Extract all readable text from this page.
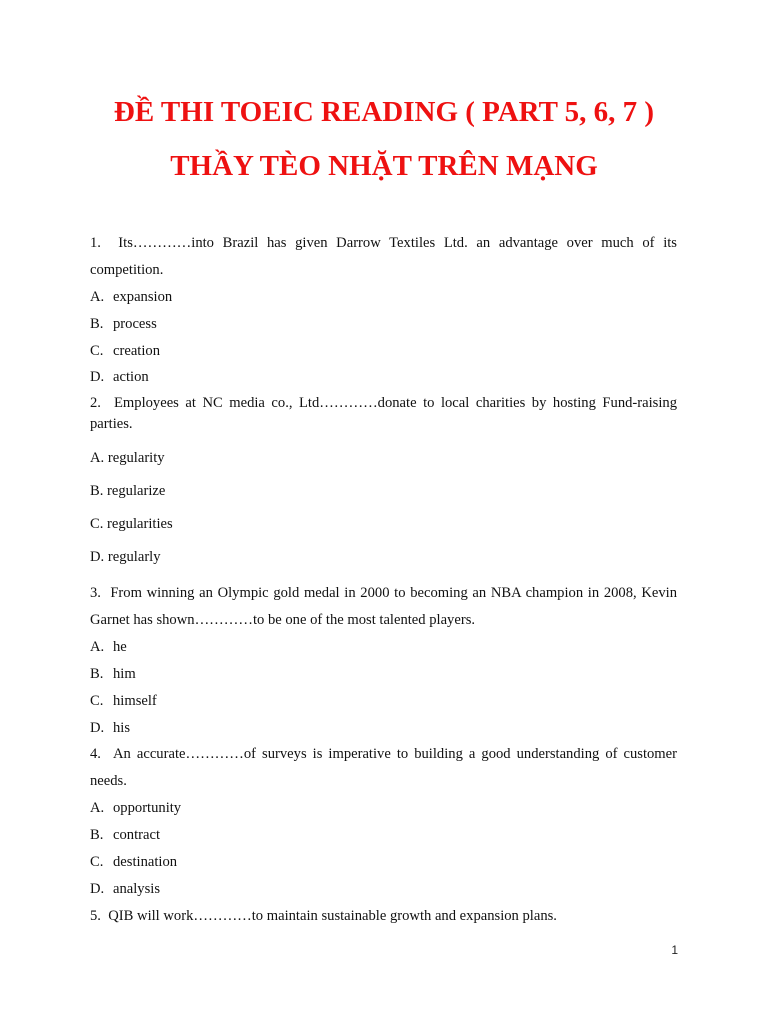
ĐỀ THI TOEIC READING ( PART 5, 6, 7 )
THẦY TÈO NHẶT TRÊN MẠNG

1. Its…………into Brazil has given Darrow Textiles Ltd. an advantage over much of its competition.

A. expansion

B. process

C. creation

D. action

2. Employees at NC media co., Ltd…………donate to local charities by hosting Fund-raising parties.

A. regularity

B. regularize

C. regularities

D. regularly

3. From winning an Olympic gold medal in 2000 to becoming an NBA champion in 2008, Kevin Garnet has shown…………to be one of the most talented players.

A. he

B. him

C. himself

D. his

4. An accurate…………of surveys is imperative to building a good understanding of customer needs.

A. opportunity

B. contract

C. destination

D. analysis

5. QIB will work…………to maintain sustainable growth and expansion plans.

1
